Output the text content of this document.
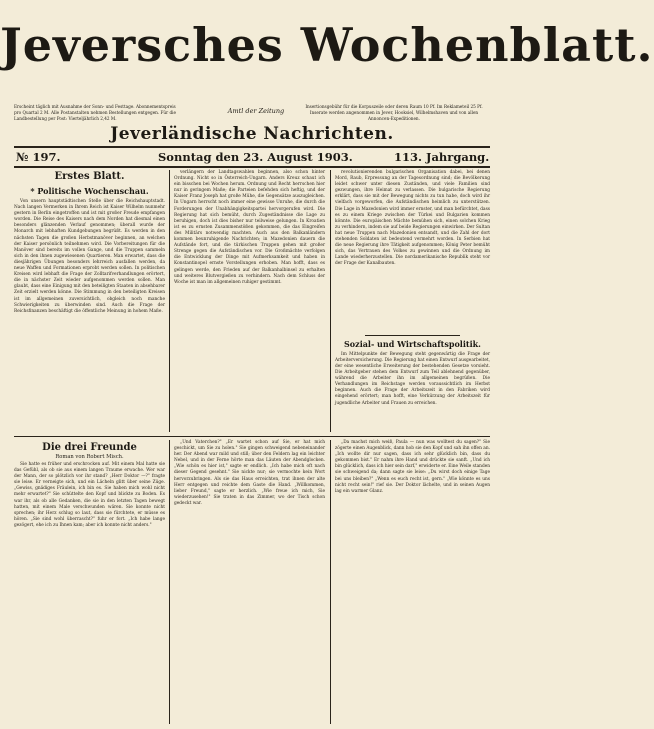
Jeversches Wochenblatt.
Erscheint täglich mit Ausnahme der Sonn- und Festtage. Abonnementspreis pro Quartal 2 M. Alle Postanstalten nehmen Bestellungen entgegen. Für die Landbestellung per Post: Vierteljährlich 2,42 M.
Amtl der Zeitung
Insertionsgebühr für die Korpuszeile oder deren Raum 10 Pf. Im Reklameteil 25 Pf. Inserate werden angenommen in Jever, Hooksiel, Wilhelmshaven und von allen Annoncen-Expeditionen.
Jeverländische Nachrichten.
№ 197.	Sonntag den 23. August 1903.	113. Jahrgang.
Erstes Blatt.
* Politische Wochenschau.

Von unsern hauptstädtischen Stelle über die Reichshauptstadt. Nach langen Vermerken in Ihrem Reich ist Kaiser Wilhelm nunmehr gestern in Berlin eingetroffen und ist mit großer Freude empfangen worden. Die Reise des Kaisers nach dem Norden hat diesmal einen besonders glänzenden Verlauf genommen; überall wurde der Monarch mit lebhaften Kundgebungen begrüßt. Es werden in den nächsten Tagen die großen Herbstmanöver beginnen, an welchen der Kaiser persönlich teilnehmen wird. Die Vorbereitungen für die Manöver sind bereits im vollen Gange, und die Truppen sammeln sich in den ihnen zugewiesenen Quartieren. Man erwartet, dass die diesjährigen Übungen besonders lehrreich ausfallen werden, da neue Waffen und Formationen erprobt werden sollen. In politischen Kreisen wird lebhaft die Frage der Zolltarifverhandlungen erörtert, die in nächster Zeit wieder aufgenommen werden sollen. Man glaubt, dass eine Einigung mit den beteiligten Staaten in absehbarer Zeit erzielt werden könne. Die Stimmung in den beteiligten Kreisen ist im allgemeinen zuversichtlich, obgleich noch manche Schwierigkeiten zu überwinden sind. Auch die Frage der Reichsfinanzen beschäftigt die öffentliche Meinung in hohem Maße.

verlängern der Landtagswahlen beginnen, also schon hinter Ordnung. Nicht so in Österreich-Ungarn. Anders Kreuz schaut ich ein bisschen bei Wochen herum. Ordnung und Recht herrschen hier nur in geringem Maße; die Parteien befehden sich heftig, und der Kaiser Franz Joseph hat große Mühe, die Gegensätze auszugleichen. In Ungarn herrscht noch immer eine gewisse Unruhe, die durch die Forderungen der Unabhängigkeitspartei hervorgerufen wird. Die Regierung hat sich bemüht, durch Zugeständnisse die Lage zu beruhigen, doch ist dies bisher nur teilweise gelungen. In Kroatien ist es zu ernsten Zusammenstößen gekommen, die das Eingreifen des Militärs notwendig machten. Auch aus den Balkanländern kommen beunruhigende Nachrichten; in Mazedonien dauern die Aufstände fort, und die türkischen Truppen gehen mit großer Strenge gegen die Aufständischen vor. Die Großmächte verfolgen die Entwicklung der Dinge mit Aufmerksamkeit und haben in Konstantinopel ernste Vorstellungen erhoben. Man hofft, dass es gelingen werde, den Frieden auf der Balkanhalbinsel zu erhalten und weiteres Blutvergießen zu verhindern. Nach dem Schluss der Woche ist man im allgemeinen ruhiger gestimmt.

revolutionierenden bulgarischen Organisation dabei, bei denen Mord, Raub, Erpressung an der Tagesordnung sind; die Bevölkerung leidet schwer unter diesen Zuständen, und viele Familien sind gezwungen, ihre Heimat zu verlassen. Die bulgarische Regierung erklärt, dass sie mit der Bewegung nichts zu tun habe, doch wird ihr vielfach vorgeworfen, die Aufständischen heimlich zu unterstützen. Die Lage in Mazedonien wird immer ernster, und man befürchtet, dass es zu einem Kriege zwischen der Türkei und Bulgarien kommen könnte. Die europäischen Mächte bemühen sich, einen solchen Krieg zu verhindern, indem sie auf beide Regierungen einwirken. Der Sultan hat neue Truppen nach Mazedonien entsandt, und die Zahl der dort stehenden Soldaten ist bedeutend vermehrt worden. In Serbien hat die neue Regierung ihre Tätigkeit aufgenommen; König Peter bemüht sich, das Vertrauen des Volkes zu gewinnen und die Ordnung im Lande wiederherzustellen. Die nordamerikanische Republik steht vor der Frage der Kanalbauten.

Sozial- und Wirtschaftspolitik.

Im Mittelpunkte der Bewegung steht gegenwärtig die Frage der Arbeiterversicherung. Die Regierung hat einen Entwurf ausgearbeitet, der eine wesentliche Erweiterung der bestehenden Gesetze vorsieht. Die Arbeitgeber stehen dem Entwurf zum Teil ablehnend gegenüber, während die Arbeiter ihn im allgemeinen begrüßen. Die Verhandlungen im Reichstage werden voraussichtlich im Herbst beginnen. Auch die Frage der Arbeitszeit in den Fabriken wird eingehend erörtert; man hofft, eine Verkürzung der Arbeitszeit für jugendliche Arbeiter und Frauen zu erreichen.

Die drei Freunde
Roman von Robert Misch.

Sie hatte es früher und erschrocken auf. Mit einem Mal hatte sie das Gefühl, als ob sie aus einem langen Traume erwache. Wer war der Mann, der so plötzlich vor ihr stand? „Herr Doktor —?" fragte sie leise. Er verneigte sich, und ein Lächeln glitt über seine Züge. „Gewiss, gnädiges Fräulein, ich bin es. Sie haben mich wohl nicht mehr erwartet?" Sie schüttelte den Kopf und blickte zu Boden. Es war ihr, als ob alle Gedanken, die sie in den letzten Tagen bewegt hatten, mit einem Male verschwunden wären. Sie konnte nicht sprechen; ihr Herz schlug so laut, dass sie fürchtete, er müsse es hören. „Sie sind wohl überrascht?" fuhr er fort. „Ich habe lange gezögert, ehe ich zu Ihnen kam; aber ich konnte nicht anders."

„Und Vaterchen?" „Er wartet schon auf Sie, er hat mich geschickt, um Sie zu holen." Sie gingen schweigend nebeneinander her. Der Abend war mild und still; über den Feldern lag ein leichter Nebel, und in der Ferne hörte man das Läuten der Abendglocken. „Wie schön es hier ist," sagte er endlich. „Ich habe mich oft nach dieser Gegend gesehnt." Sie nickte nur; sie vermochte kein Wort hervorzubringen. Als sie das Haus erreichten, trat ihnen der alte Herr entgegen und reichte dem Gaste die Hand. „Willkommen, lieber Freund," sagte er herzlich. „Wie freue ich mich, Sie wiederzusehen!" Sie traten in das Zimmer, wo der Tisch schon gedeckt war.

„Da machst mich weiß, Paula — nun was wolltest du sagen?" Sie zögerte einen Augenblick, dann hob sie den Kopf und sah ihn offen an. „Ich wollte dir nur sagen, dass ich sehr glücklich bin, dass du gekommen bist." Er nahm ihre Hand und drückte sie sanft. „Und ich bin glücklich, dass ich hier sein darf," erwiderte er. Eine Weile standen sie schweigend da; dann sagte sie leise: „Du wirst doch einige Tage bei uns bleiben?" „Wenn es euch recht ist, gern." „Wie könnte es uns nicht recht sein!" rief sie. Der Doktor lächelte, und in seinen Augen lag ein warmer Glanz.
